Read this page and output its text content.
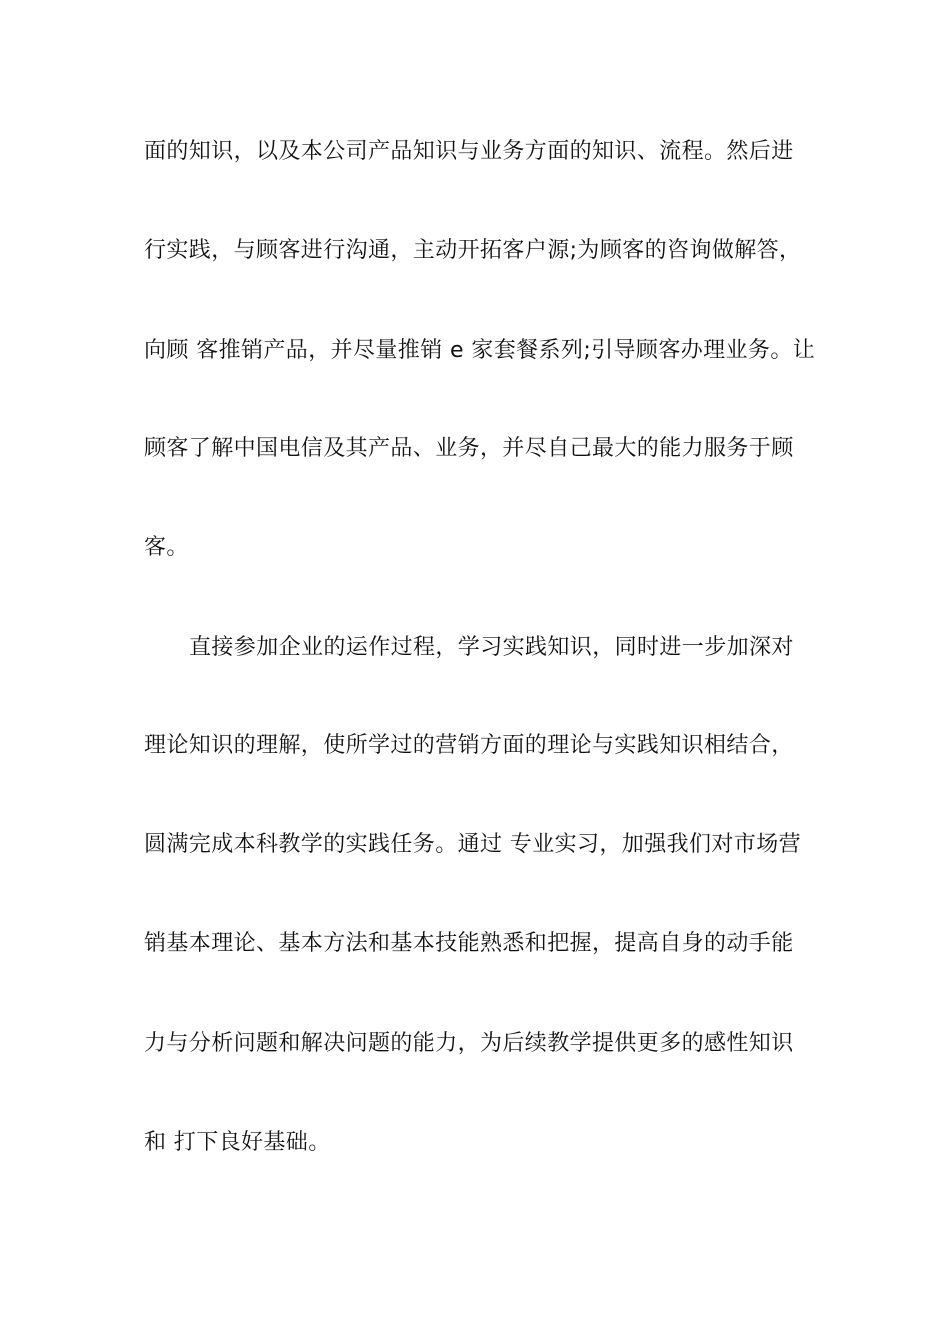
面的知识，以及本公司产品知识与业务方面的知识、流程。然后进
行实践，与顾客进行沟通，主动开拓客户源;为顾客的咨询做解答，
向顾 客推销产品，并尽量推销 e 家套餐系列;引导顾客办理业务。让
顾客了解中国电信及其产品、业务，并尽自己最大的能力服务于顾
客。
直接参加企业的运作过程，学习实践知识，同时进一步加深对
理论知识的理解，使所学过的营销方面的理论与实践知识相结合，
圆满完成本科教学的实践任务。通过 专业实习，加强我们对市场营
销基本理论、基本方法和基本技能熟悉和把握，提高自身的动手能
力与分析问题和解决问题的能力，为后续教学提供更多的感性知识
和 打下良好基础。
